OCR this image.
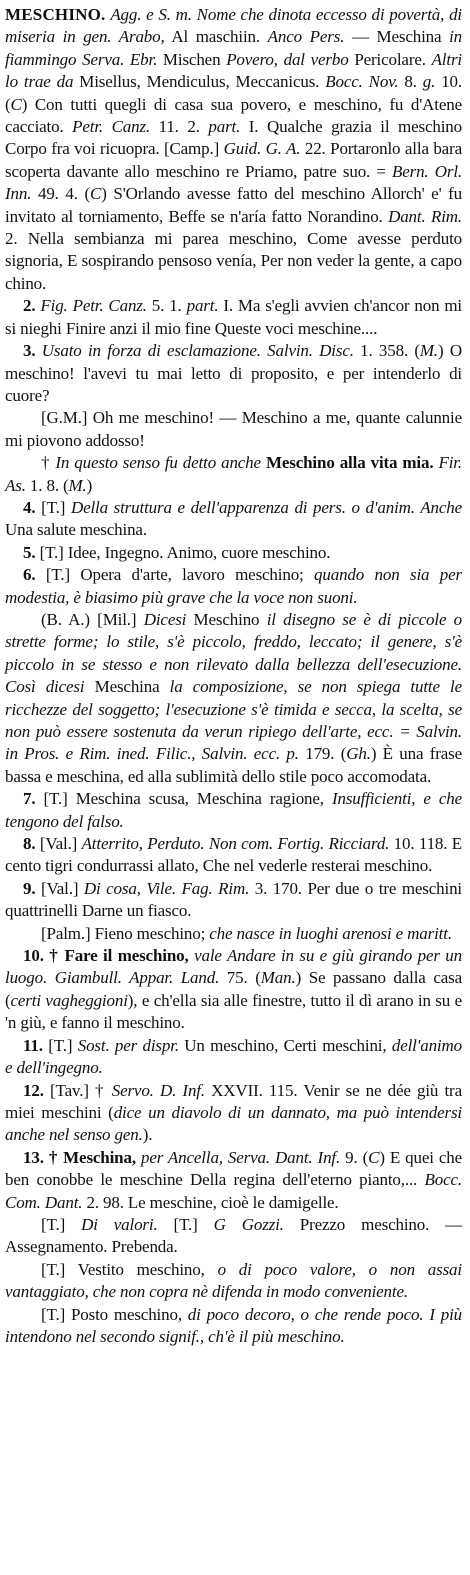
MESCHINO. Agg. e S. m. Nome che dinota eccesso di povertà, di miseria in gen. Arabo, Al maschiin. Anco Pers. — Meschina in fiammingo Serva. Ebr. Mischen Povero, dal verbo Pericolare. Altri lo trae da Misellus, Mendiculus, Meccanicus. Bocc. Nov. 8. g. 10. (C) Con tutti quegli di casa sua povero, e meschino, fu d'Atene cacciato. Petr. Canz. 11. 2. part. I. Qualche grazia il meschino Corpo fra voi ricuopra. [Camp.] Guid. G. A. 22. Portaronlo alla bara scoperta davante allo meschino re Priamo, patre suo. = Bern. Orl. Inn. 49. 4. (C) S'Orlando avesse fatto del meschino Allorch' e' fu invitato al torniamento, Beffe se n'aría fatto Norandino. Dant. Rim. 2. Nella sembianza mi parea meschino, Come avesse perduto signoria, E sospirando pensoso venía, Per non veder la gente, a capo chino.

2. Fig. Petr. Canz. 5. 1. part. I. Ma s'egli avvien ch'ancor non mi si nieghi Finire anzi il mio fine Queste voci meschine....

3. Usato in forza di esclamazione. Salvin. Disc. 1. 358. (M.) O meschino! l'avevi tu mai letto di proposito, e per intenderlo di cuore?

[G.M.] Oh me meschino! — Meschino a me, quante calunnie mi piovono addosso!

† In questo senso fu detto anche Meschino alla vita mia. Fir. As. 1. 8. (M.)

4. [T.] Della struttura e dell'apparenza di pers. o d'anim. Anche Una salute meschina.

5. [T.] Idee, Ingegno. Animo, cuore meschino.

6. [T.] Opera d'arte, lavoro meschino; quando non sia per modestia, è biasimo più grave che la voce non suoni.

(B. A.) [Mil.] Dicesi Meschino il disegno se è di piccole o strette forme; lo stile, s'è piccolo, freddo, leccato; il genere, s'è piccolo in se stesso e non rilevato dalla bellezza dell'esecuzione. Così dicesi Meschina la composizione, se non spiega tutte le ricchezze del soggetto; l'esecuzione s'è timida e secca, la scelta, se non può essere sostenuta da verun ripiego dell'arte, ecc. = Salvin. in Pros. e Rim. ined. Filic., Salvin. ecc. p. 179. (Gh.) È una frase bassa e meschina, ed alla sublimità dello stile poco accomodata.

7. [T.] Meschina scusa, Meschina ragione, Insufficienti, e che tengono del falso.

8. [Val.] Atterrito, Perduto. Non com. Fortig. Ricciard. 10. 118. E cento tigri condurrassi allato, Che nel vederle resterai meschino.

9. [Val.] Di cosa, Vile. Fag. Rim. 3. 170. Per due o tre meschini quattrinelli Darne un fiasco.

[Palm.] Fieno meschino; che nasce in luoghi arenosi e maritt.

10. † Fare il meschino, vale Andare in su e giù girando per un luogo. Giambull. Appar. Land. 75. (Man.) Se passano dalla casa (certi vagheggioni), e ch'ella sia alle finestre, tutto il dì arano in su e 'n giù, e fanno il meschino.

11. [T.] Sost. per dispr. Un meschino, Certi meschini, dell'animo e dell'ingegno.

12. [Tav.] † Servo. D. Inf. XXVII. 115. Venir se ne dée giù tra miei meschini (dice un diavolo di un dannato, ma può intendersi anche nel senso gen.).

13. † Meschina, per Ancella, Serva. Dant. Inf. 9. (C) E quei che ben conobbe le meschine Della regina dell'eterno pianto,... Bocc. Com. Dant. 2. 98. Le meschine, cioè le damigelle.

[T.] Di valori. [T.] G Gozzi. Prezzo meschino. — Assegnamento. Prebenda.

[T.] Vestito meschino, o di poco valore, o non assai vantaggiato, che non copra nè difenda in modo conveniente.

[T.] Posto meschino, di poco decoro, o che rende poco. I più intendono nel secondo signif., ch'è il più meschino.
